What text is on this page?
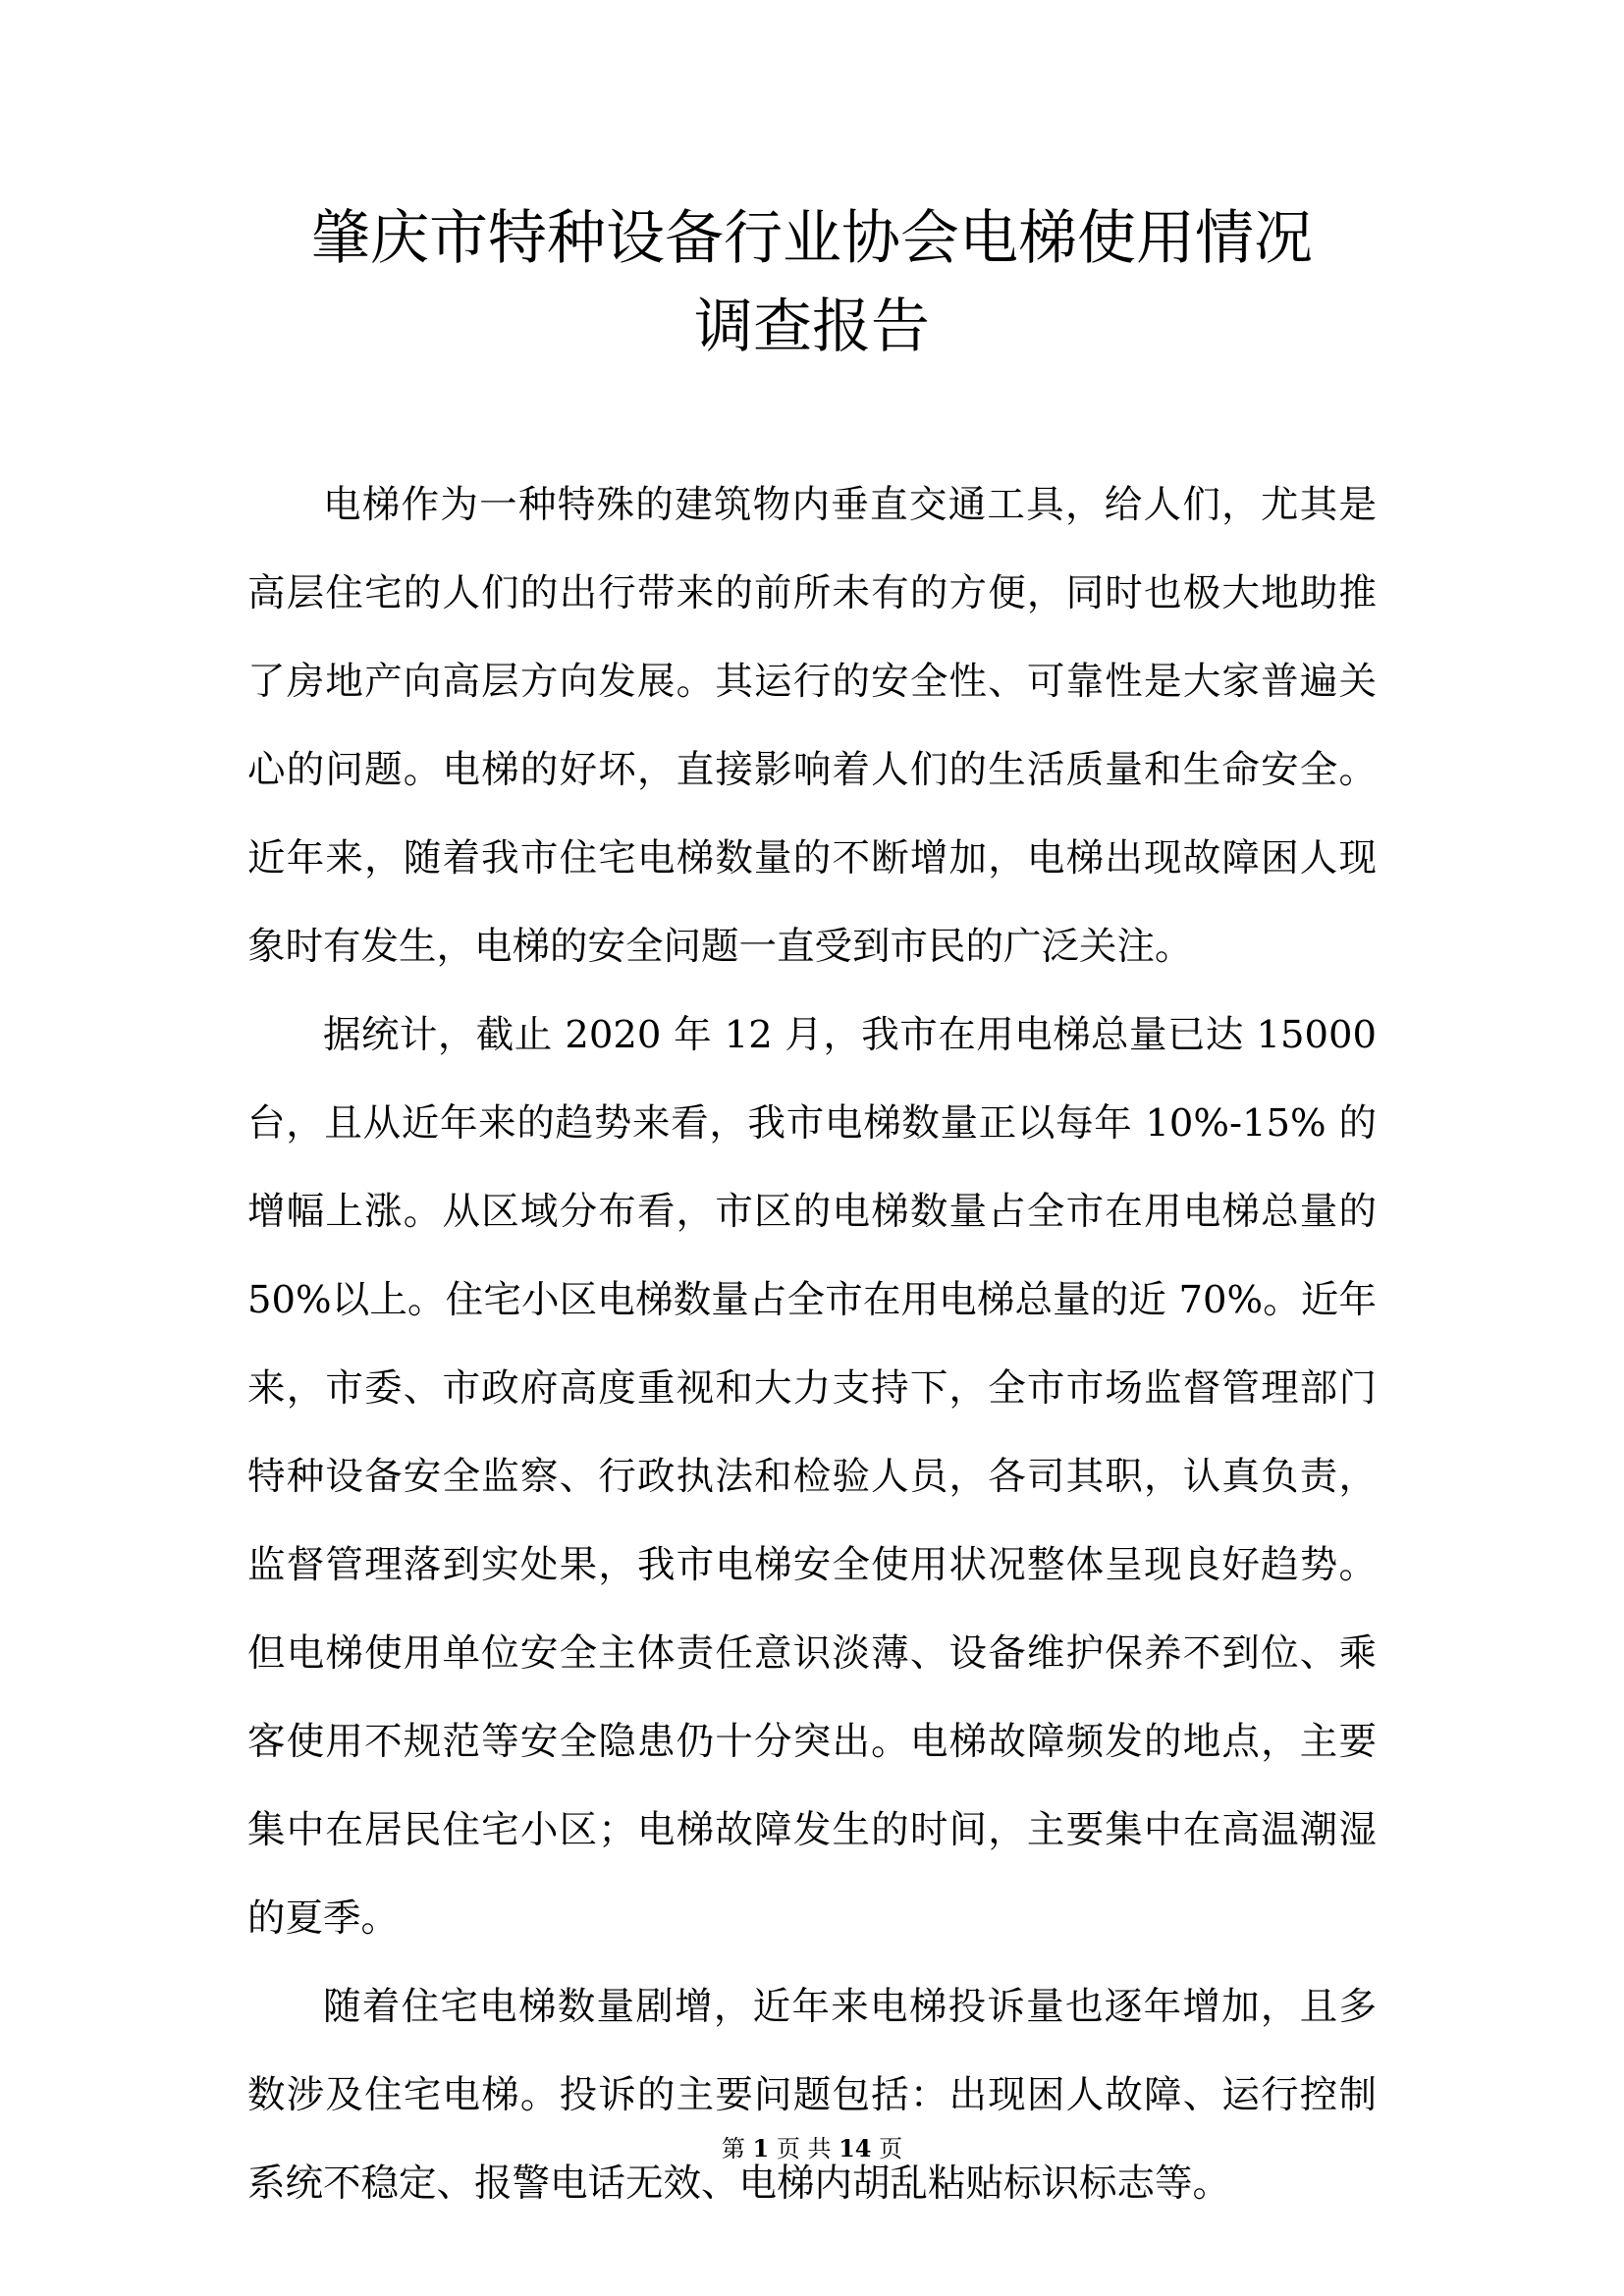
肇庆市特种设备行业协会电梯使用情况
调查报告

电梯作为一种特殊的建筑物内垂直交通工具，给人们，尤其是高层住宅的人们的出行带来的前所未有的方便，同时也极大地助推了房地产向高层方向发展。其运行的安全性、可靠性是大家普遍关心的问题。电梯的好坏，直接影响着人们的生活质量和生命安全。近年来，随着我市住宅电梯数量的不断增加，电梯出现故障困人现象时有发生，电梯的安全问题一直受到市民的广泛关注。

据统计，截止 2020 年 12 月，我市在用电梯总量已达 15000 台，且从近年来的趋势来看，我市电梯数量正以每年 10%-15% 的增幅上涨。从区域分布看，市区的电梯数量占全市在用电梯总量的 50%以上。住宅小区电梯数量占全市在用电梯总量的近 70%。近年来，市委、市政府高度重视和大力支持下，全市市场监督管理部门特种设备安全监察、行政执法和检验人员，各司其职，认真负责，监督管理落到实处果，我市电梯安全使用状况整体呈现良好趋势。但电梯使用单位安全主体责任意识淡薄、设备维护保养不到位、乘客使用不规范等安全隐患仍十分突出。电梯故障频发的地点，主要集中在居民住宅小区；电梯故障发生的时间，主要集中在高温潮湿的夏季。

随着住宅电梯数量剧增，近年来电梯投诉量也逐年增加，且多数涉及住宅电梯。投诉的主要问题包括：出现困人故障、运行控制系统不稳定、报警电话无效、电梯内胡乱粘贴标识标志等。

第 1 页 共 14 页
